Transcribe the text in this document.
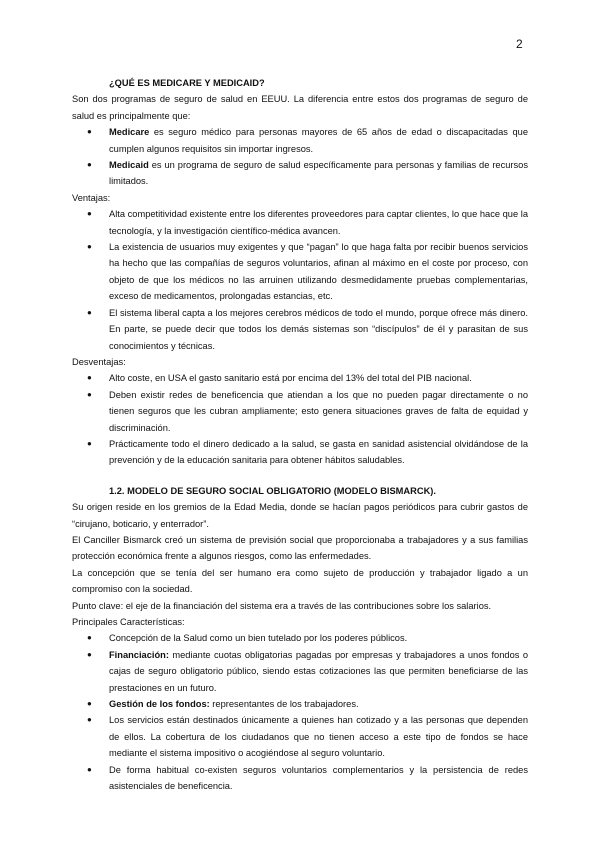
2

¿QUÉ ES MEDICARE Y MEDICAID?

Son dos programas de seguro de salud en EEUU. La diferencia entre estos dos programas de seguro de salud es principalmente que:

● Medicare es seguro médico para personas mayores de 65 años de edad o discapacitadas que cumplen algunos requisitos sin importar ingresos.
● Medicaid es un programa de seguro de salud específicamente para personas y familias de recursos limitados.

Ventajas:

● Alta competitividad existente entre los diferentes proveedores para captar clientes, lo que hace que la tecnología, y la investigación científico-médica avancen.
● La existencia de usuarios muy exigentes y que “pagan” lo que haga falta por recibir buenos servicios ha hecho que las compañías de seguros voluntarios, afinan al máximo en el coste por proceso, con objeto de que los médicos no las arruinen utilizando desmedidamente pruebas complementarias, exceso de medicamentos, prolongadas estancias, etc.
● El sistema liberal capta a los mejores cerebros médicos de todo el mundo, porque ofrece más dinero. En parte, se puede decir que todos los demás sistemas son “discípulos” de él y parasitan de sus conocimientos y técnicas.

Desventajas:

● Alto coste, en USA el gasto sanitario está por encima del 13% del total del PIB nacional.
● Deben existir redes de beneficencia que atiendan a los que no pueden pagar directamente o no tienen seguros que les cubran ampliamente; esto genera situaciones graves de falta de equidad y discriminación.
● Prácticamente todo el dinero dedicado a la salud, se gasta en sanidad asistencial olvidándose de la prevención y de la educación sanitaria para obtener hábitos saludables.

1.2. MODELO DE SEGURO SOCIAL OBLIGATORIO (MODELO BISMARCK).

Su origen reside en los gremios de la Edad Media, donde se hacían pagos periódicos para cubrir gastos de “cirujano, boticario, y enterrador”.

El Canciller Bismarck creó un sistema de previsión social que proporcionaba a trabajadores y a sus familias protección económica frente a algunos riesgos, como las enfermedades.

La concepción que se tenía del ser humano era como sujeto de producción y trabajador ligado a un compromiso con la sociedad.

Punto clave: el eje de la financiación del sistema era a través de las contribuciones sobre los salarios.

Principales Características:

● Concepción de la Salud como un bien tutelado por los poderes públicos.
● Financiación: mediante cuotas obligatorias pagadas por empresas y trabajadores a unos fondos o cajas de seguro obligatorio público, siendo estas cotizaciones las que permiten beneficiarse de las prestaciones en un futuro.
● Gestión de los fondos: representantes de los trabajadores.
● Los servicios están destinados únicamente a quienes han cotizado y a las personas que dependen de ellos. La cobertura de los ciudadanos que no tienen acceso a este tipo de fondos se hace mediante el sistema impositivo o acogiéndose al seguro voluntario.
● De forma habitual co-existen seguros voluntarios complementarios y la persistencia de redes asistenciales de beneficencia.
